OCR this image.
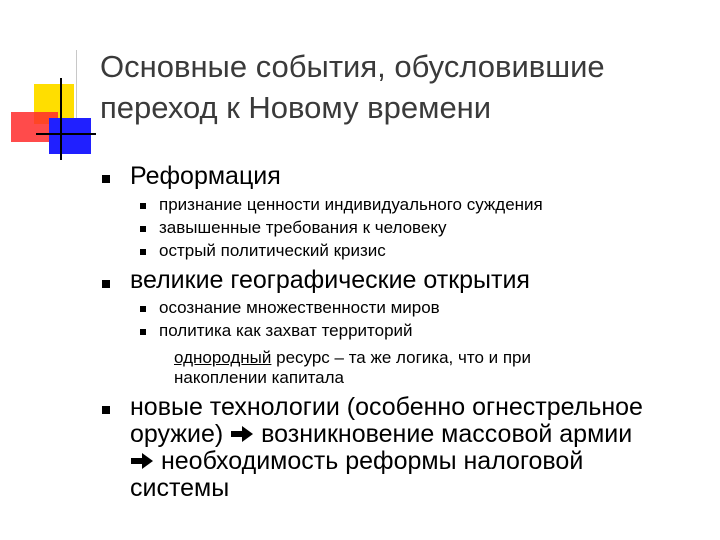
Основные события, обусловившие
переход к Новому времени
Реформация
признание ценности индивидуального суждения
завышенные требования к человеку
острый политический кризис
великие географические открытия
осознание множественности миров
политика как захват территорий
однородный ресурс – та же логика, что и при
накоплении капитала
новые технологии (особенно огнестрельное
оружие) возникновение массовой армии
необходимость реформы налоговой
системы
